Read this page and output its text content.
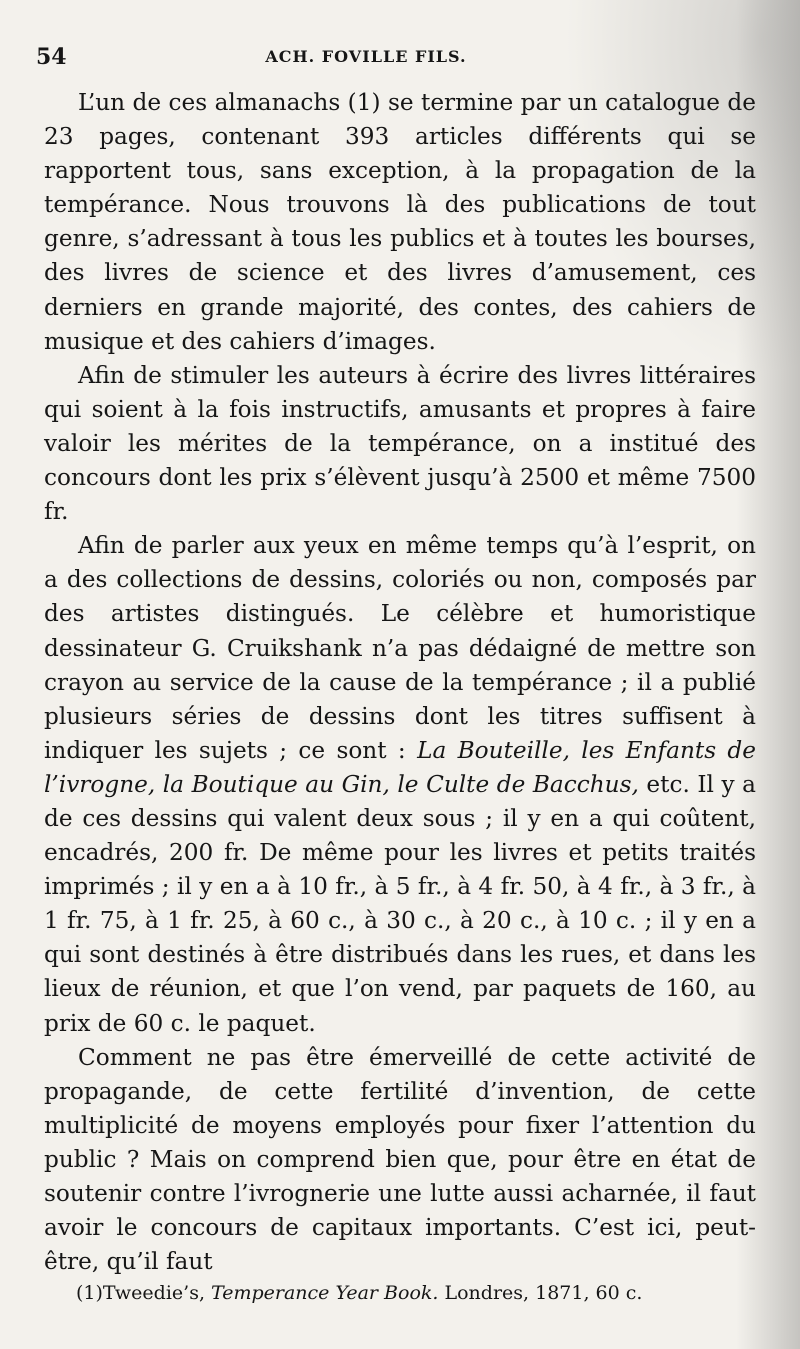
54	ACH. FOVILLE FILS.

L’un de ces almanachs (1) se termine par un catalogue de 23 pages, contenant 393 articles différents qui se rapportent tous, sans exception, à la propagation de la tempérance. Nous trouvons là des publications de tout genre, s’adressant à tous les publics et à toutes les bourses, des livres de science et des livres d’amusement, ces derniers en grande majorité, des contes, des cahiers de musique et des cahiers d’images.

Afin de stimuler les auteurs à écrire des livres littéraires qui soient à la fois instructifs, amusants et propres à faire valoir les mérites de la tempérance, on a institué des concours dont les prix s’élèvent jusqu’à 2500 et même 7500 fr.

Afin de parler aux yeux en même temps qu’à l’esprit, on a des collections de dessins, coloriés ou non, composés par des artistes distingués. Le célèbre et humoristique dessinateur G. Cruikshank n’a pas dédaigné de mettre son crayon au service de la cause de la tempérance ; il a publié plusieurs séries de dessins dont les titres suffisent à indiquer les sujets ; ce sont : La Bouteille, les Enfants de l’ivrogne, la Boutique au Gin, le Culte de Bacchus, etc. Il y a de ces dessins qui valent deux sous ; il y en a qui coûtent, encadrés, 200 fr. De même pour les livres et petits traités imprimés ; il y en a à 10 fr., à 5 fr., à 4 fr. 50, à 4 fr., à 3 fr., à 1 fr. 75, à 1 fr. 25, à 60 c., à 30 c., à 20 c., à 10 c. ; il y en a qui sont destinés à être distribués dans les rues, et dans les lieux de réunion, et que l’on vend, par paquets de 160, au prix de 60 c. le paquet.

Comment ne pas être émerveillé de cette activité de propagande, de cette fertilité d’invention, de cette multiplicité de moyens employés pour fixer l’attention du public ? Mais on comprend bien que, pour être en état de soutenir contre l’ivrognerie une lutte aussi acharnée, il faut avoir le concours de capitaux importants. C’est ici, peut-être, qu’il faut

(1)Tweedie’s, Temperance Year Book. Londres, 1871, 60 c.
